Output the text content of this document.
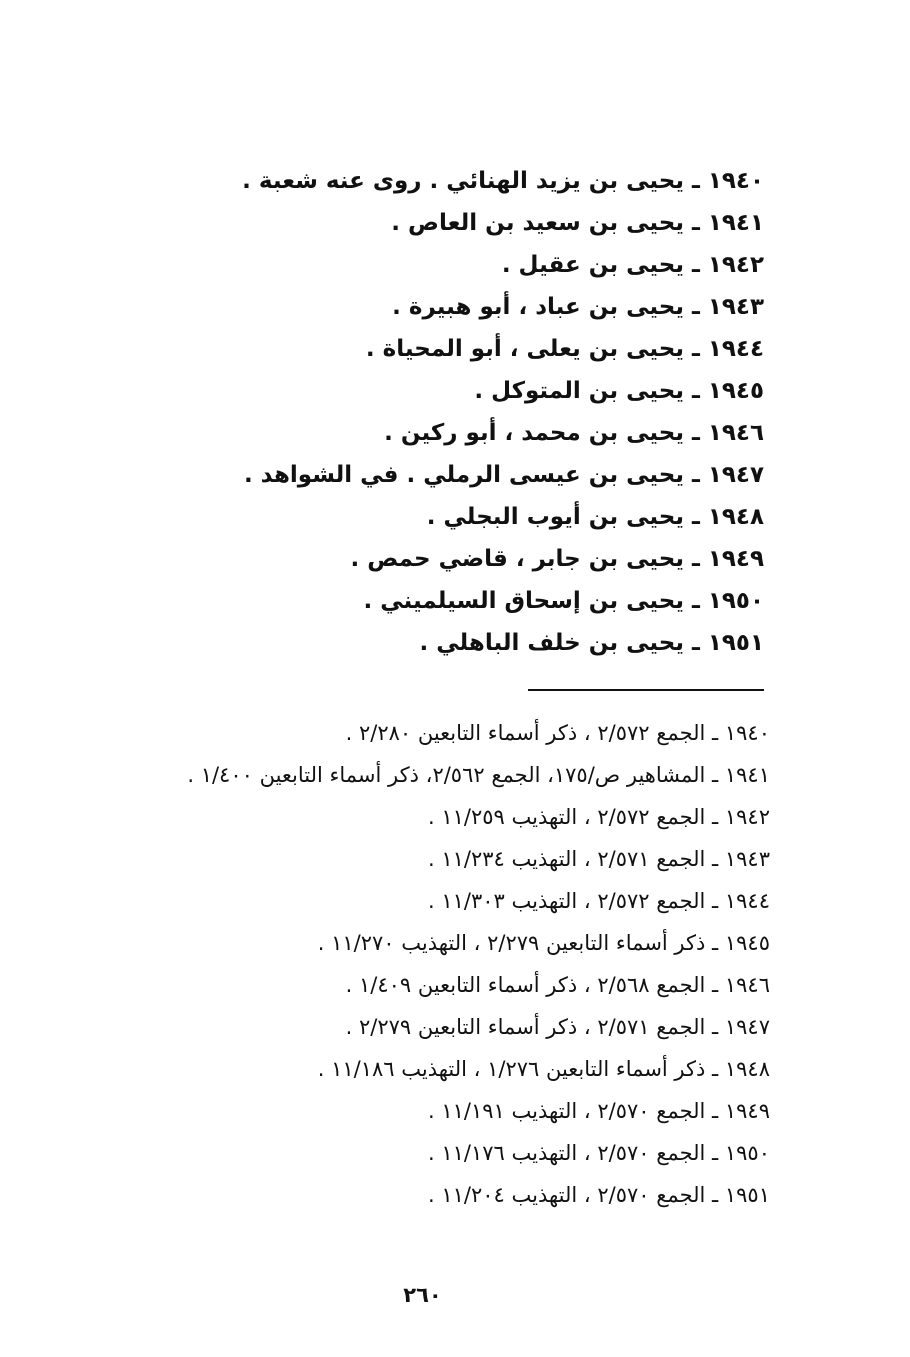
١٩٤٠ ـ يحيى بن يزيد الهنائي . روى عنه شعبة .
١٩٤١ ـ يحيى بن سعيد بن العاص .
١٩٤٢ ـ يحيى بن عقيل .
١٩٤٣ ـ يحيى بن عباد ، أبو هبيرة .
١٩٤٤ ـ يحيى بن يعلى ، أبو المحياة .
١٩٤٥ ـ يحيى بن المتوكل .
١٩٤٦ ـ يحيى بن محمد ، أبو ركين .
١٩٤٧ ـ يحيى بن عيسى الرملي . في الشواهد .
١٩٤٨ ـ يحيى بن أيوب البجلي .
١٩٤٩ ـ يحيى بن جابر ، قاضي حمص .
١٩٥٠ ـ يحيى بن إسحاق السيلميني .
١٩٥١ ـ يحيى بن خلف الباهلي .
١٩٤٠ ـ الجمع ٢/٥٧٢ ، ذكر أسماء التابعين ٢/٢٨٠ .
١٩٤١ ـ المشاهير ص/١٧٥، الجمع ٢/٥٦٢، ذكر أسماء التابعين ١/٤٠٠ .
١٩٤٢ ـ الجمع ٢/٥٧٢ ، التهذيب ١١/٢٥٩ .
١٩٤٣ ـ الجمع ٢/٥٧١ ، التهذيب ١١/٢٣٤ .
١٩٤٤ ـ الجمع ٢/٥٧٢ ، التهذيب ١١/٣٠٣ .
١٩٤٥ ـ ذكر أسماء التابعين ٢/٢٧٩ ، التهذيب ١١/٢٧٠ .
١٩٤٦ ـ الجمع ٢/٥٦٨ ، ذكر أسماء التابعين ١/٤٠٩ .
١٩٤٧ ـ الجمع ٢/٥٧١ ، ذكر أسماء التابعين ٢/٢٧٩ .
١٩٤٨ ـ ذكر أسماء التابعين ١/٢٧٦ ، التهذيب ١١/١٨٦ .
١٩٤٩ ـ الجمع ٢/٥٧٠ ، التهذيب ١١/١٩١ .
١٩٥٠ ـ الجمع ٢/٥٧٠ ، التهذيب ١١/١٧٦ .
١٩٥١ ـ الجمع ٢/٥٧٠ ، التهذيب ١١/٢٠٤ .
٢٦٠
